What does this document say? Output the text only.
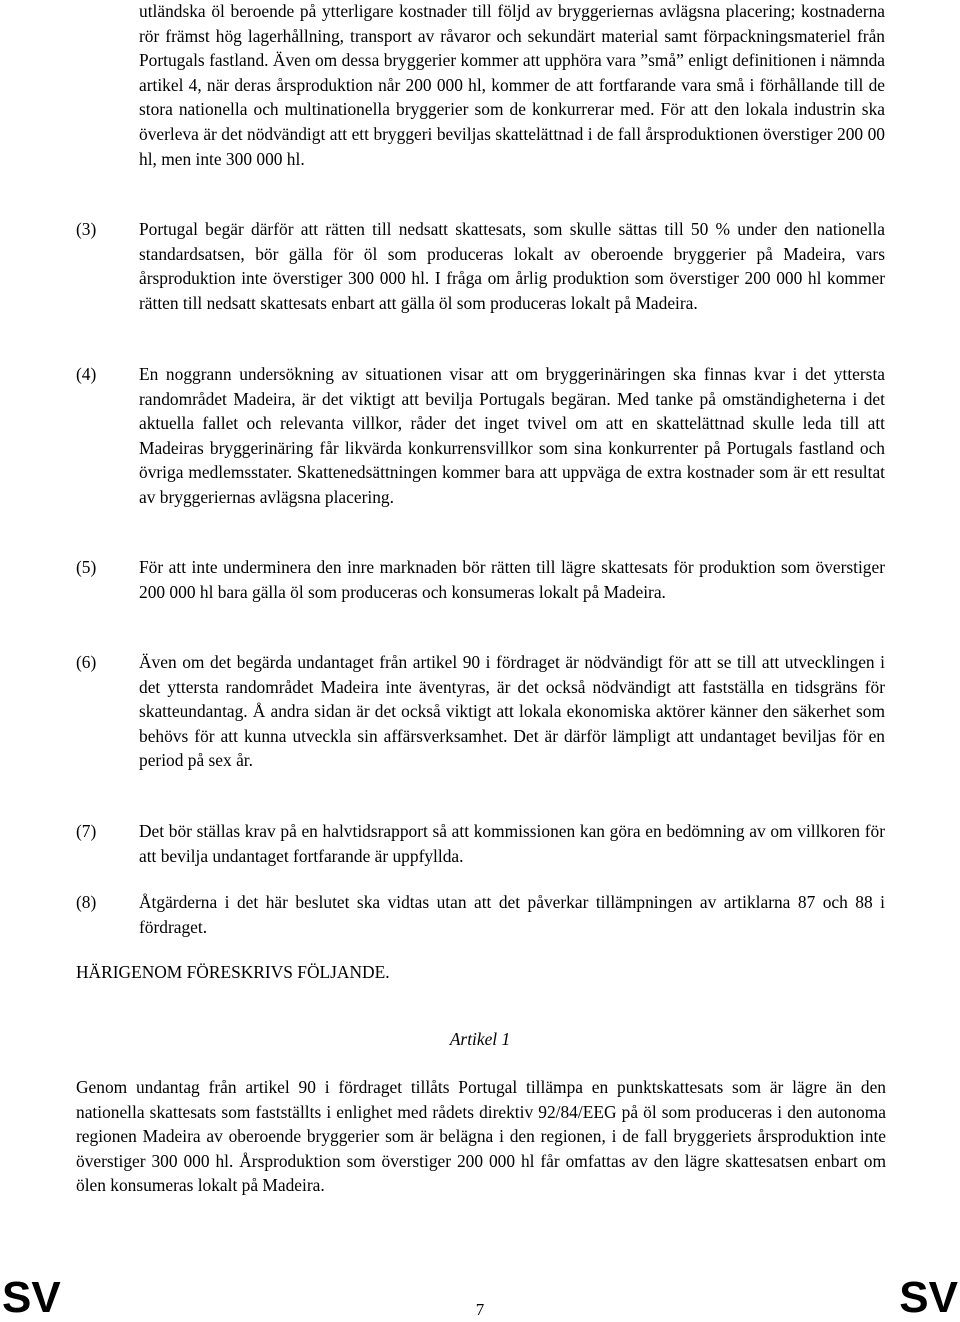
utländska öl beroende på ytterligare kostnader till följd av bryggeriernas avlägsna placering; kostnaderna rör främst hög lagerhållning, transport av råvaror och sekundärt material samt förpackningsmateriel från Portugals fastland. Även om dessa bryggerier kommer att upphöra vara ”små” enligt definitionen i nämnda artikel 4, när deras årsproduktion når 200 000 hl, kommer de att fortfarande vara små i förhållande till de stora nationella och multinationella bryggerier som de konkurrerar med. För att den lokala industrin ska överleva är det nödvändigt att ett bryggeri beviljas skattelättnad i de fall årsproduktionen överstiger 200 00 hl, men inte 300 000 hl.

(3) Portugal begär därför att rätten till nedsatt skattesats, som skulle sättas till 50 % under den nationella standardsatsen, bör gälla för öl som produceras lokalt av oberoende bryggerier på Madeira, vars årsproduktion inte överstiger 300 000 hl. I fråga om årlig produktion som överstiger 200 000 hl kommer rätten till nedsatt skattesats enbart att gälla öl som produceras lokalt på Madeira.

(4) En noggrann undersökning av situationen visar att om bryggerinäringen ska finnas kvar i det yttersta randområdet Madeira, är det viktigt att bevilja Portugals begäran. Med tanke på omständigheterna i det aktuella fallet och relevanta villkor, råder det inget tvivel om att en skattelättnad skulle leda till att Madeiras bryggerinäring får likvärda konkurrensvillkor som sina konkurrenter på Portugals fastland och övriga medlemsstater. Skattenedsättningen kommer bara att uppväga de extra kostnader som är ett resultat av bryggeriernas avlägsna placering.

(5) För att inte underminera den inre marknaden bör rätten till lägre skattesats för produktion som överstiger 200 000 hl bara gälla öl som produceras och konsumeras lokalt på Madeira.

(6) Även om det begärda undantaget från artikel 90 i fördraget är nödvändigt för att se till att utvecklingen i det yttersta randområdet Madeira inte äventyras, är det också nödvändigt att fastställa en tidsgräns för skatteundantag. Å andra sidan är det också viktigt att lokala ekonomiska aktörer känner den säkerhet som behövs för att kunna utveckla sin affärsverksamhet. Det är därför lämpligt att undantaget beviljas för en period på sex år.

(7) Det bör ställas krav på en halvtidsrapport så att kommissionen kan göra en bedömning av om villkoren för att bevilja undantaget fortfarande är uppfyllda.

(8) Åtgärderna i det här beslutet ska vidtas utan att det påverkar tillämpningen av artiklarna 87 och 88 i fördraget.

HÄRIGENOM FÖRESKRIVS FÖLJANDE.
Artikel 1

Genom undantag från artikel 90 i fördraget tillåts Portugal tillämpa en punktskattesats som är lägre än den nationella skattesats som fastställts i enlighet med rådets direktiv 92/84/EEG på öl som produceras i den autonoma regionen Madeira av oberoende bryggerier som är belägna i den regionen, i de fall bryggeriets årsproduktion inte överstiger 300 000 hl. Årsproduktion som överstiger 200 000 hl får omfattas av den lägre skattesatsen enbart om ölen konsumeras lokalt på Madeira.

SV	7	SV
